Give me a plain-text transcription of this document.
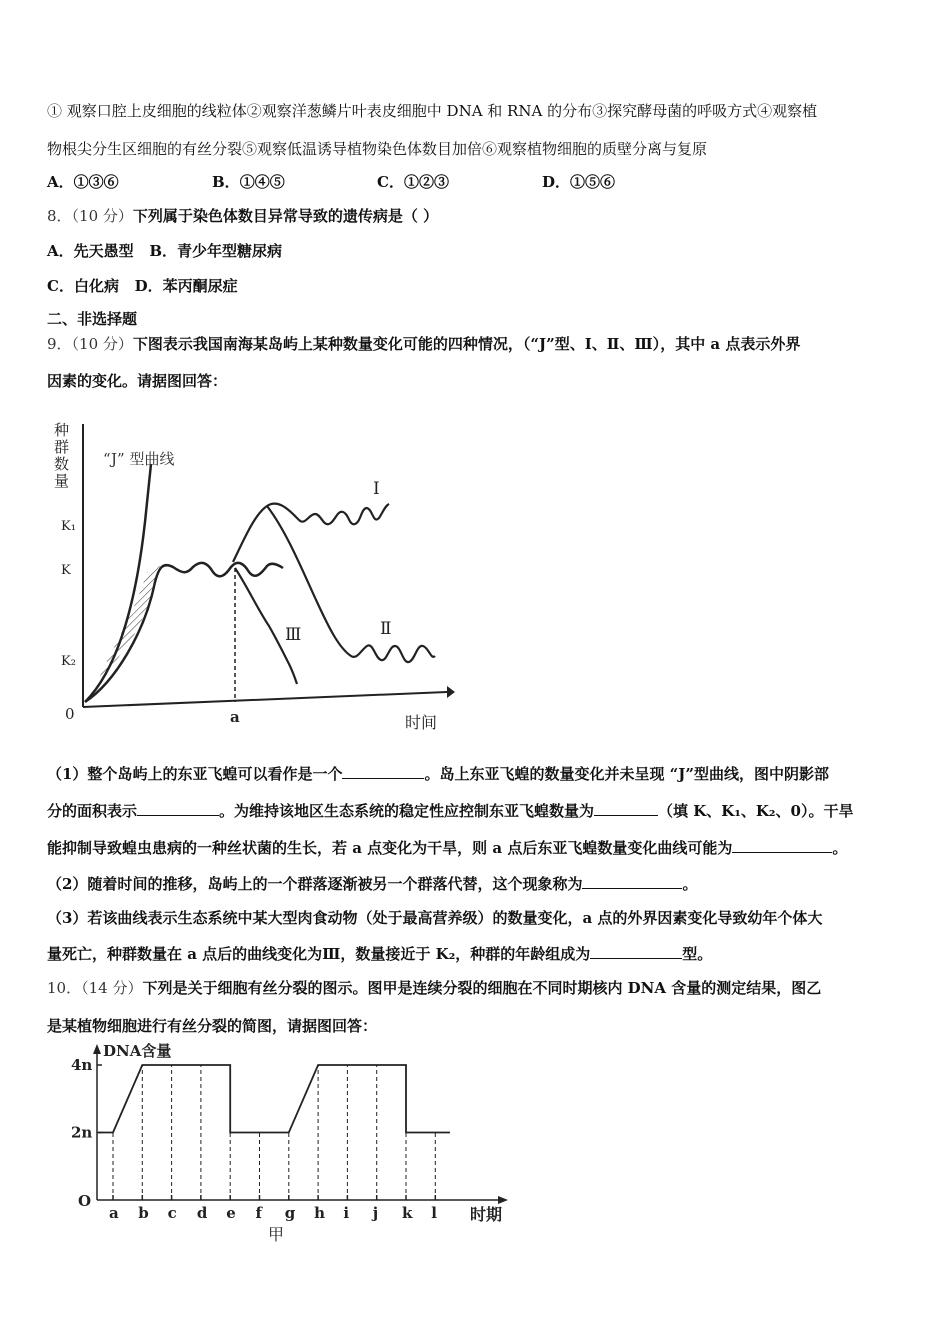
① 观察口腔上皮细胞的线粒体②观察洋葱鳞片叶表皮细胞中 DNA 和 RNA 的分布③探究酵母菌的呼吸方式④观察植
物根尖分生区细胞的有丝分裂⑤观察低温诱导植物染色体数目加倍⑥观察植物细胞的质壁分离与复原
A．①③⑥	B．①④⑤	C．①②③	D．①⑤⑥
8．（10 分）下列属于染色体数目异常导致的遗传病是（ ）
A．先天愚型 B．青少年型糖尿病
C．白化病 D．苯丙酮尿症
二、非选择题
9．（10 分）下图表示我国南海某岛屿上某种数量变化可能的四种情况，（“J”型、Ⅰ、Ⅱ、Ⅲ），其中 a 点表示外界
因素的变化。请据图回答：
种群数量
K₁
K
K₂
0
“J” 型曲线
a	时间
Ⅰ
Ⅱ
Ⅲ
（1）整个岛屿上的东亚飞蝗可以看作是一个	。岛上东亚飞蝗的数量变化并未呈现 “J”型曲线，图中阴影部
分的面积表示	。为维持该地区生态系统的稳定性应控制东亚飞蝗数量为	（填 K、K₁、K₂、0）。干旱
能抑制导致蝗虫患病的一种丝状菌的生长，若 a 点变化为干旱，则 a 点后东亚飞蝗数量变化曲线可能为	。
（2）随着时间的推移，岛屿上的一个群落逐渐被另一个群落代替，这个现象称为	。
（3）若该曲线表示生态系统中某大型肉食动物（处于最高营养级）的数量变化，a 点的外界因素变化导致幼年个体大
量死亡，种群数量在 a 点后的曲线变化为Ⅲ，数量接近于 K₂，种群的年龄组成为	型。
10．（14 分）下列是关于细胞有丝分裂的图示。图甲是连续分裂的细胞在不同时期核内 DNA 含量的测定结果，图乙
是某植物细胞进行有丝分裂的简图，请据图回答：
DNA含量
时期
O
甲
4n
2n
a b c d e f g h i j k l
